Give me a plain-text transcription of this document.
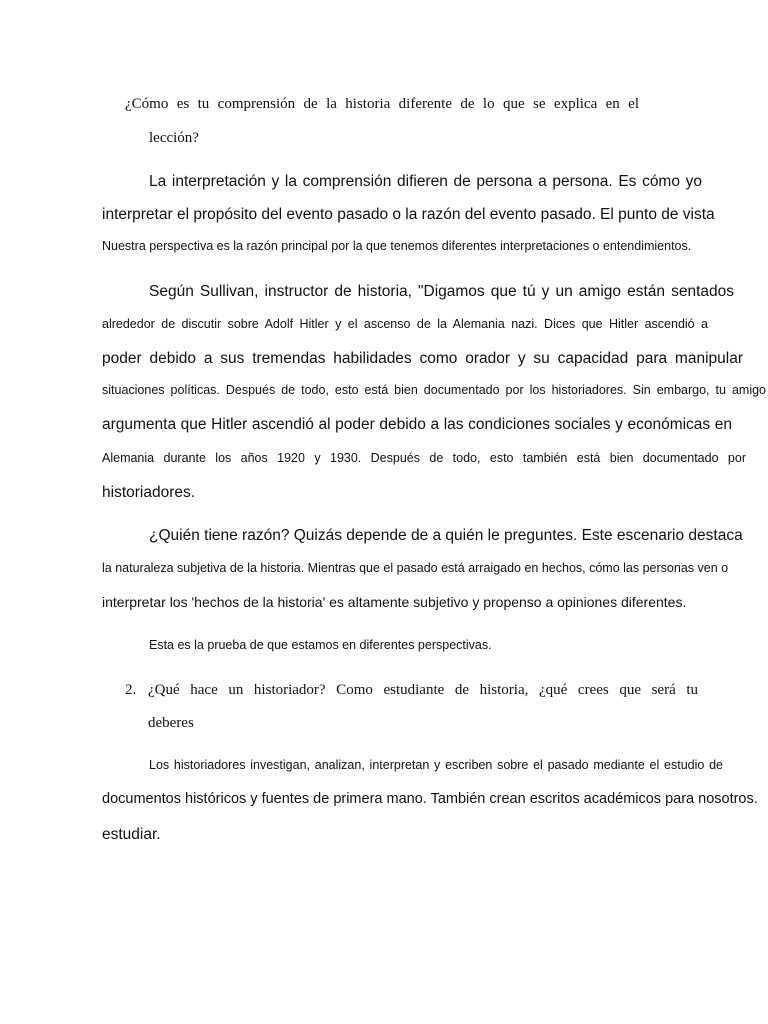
¿Cómo es tu comprensión de la historia diferente de lo que se explica en el
lección?
La interpretación y la comprensión difieren de persona a persona. Es cómo yo
interpretar el propósito del evento pasado o la razón del evento pasado. El punto de vista
Nuestra perspectiva es la razón principal por la que tenemos diferentes interpretaciones o entendimientos.
Según Sullivan, instructor de historia, "Digamos que tú y un amigo están sentados
alrededor de discutir sobre Adolf Hitler y el ascenso de la Alemania nazi. Dices que Hitler ascendió a
poder debido a sus tremendas habilidades como orador y su capacidad para manipular
situaciones políticas. Después de todo, esto está bien documentado por los historiadores. Sin embargo, tu amigo
argumenta que Hitler ascendió al poder debido a las condiciones sociales y económicas en
Alemania durante los años 1920 y 1930. Después de todo, esto también está bien documentado por
historiadores.
¿Quién tiene razón? Quizás depende de a quién le preguntes. Este escenario destaca
la naturaleza subjetiva de la historia. Mientras que el pasado está arraigado en hechos, cómo las personas ven o
interpretar los 'hechos de la historia' es altamente subjetivo y propenso a opiniones diferentes.
Esta es la prueba de que estamos en diferentes perspectivas.
2. ¿Qué hace un historiador? Como estudiante de historia, ¿qué crees que será tu
deberes
Los historiadores investigan, analizan, interpretan y escriben sobre el pasado mediante el estudio de
documentos históricos y fuentes de primera mano. También crean escritos académicos para nosotros.
estudiar.
